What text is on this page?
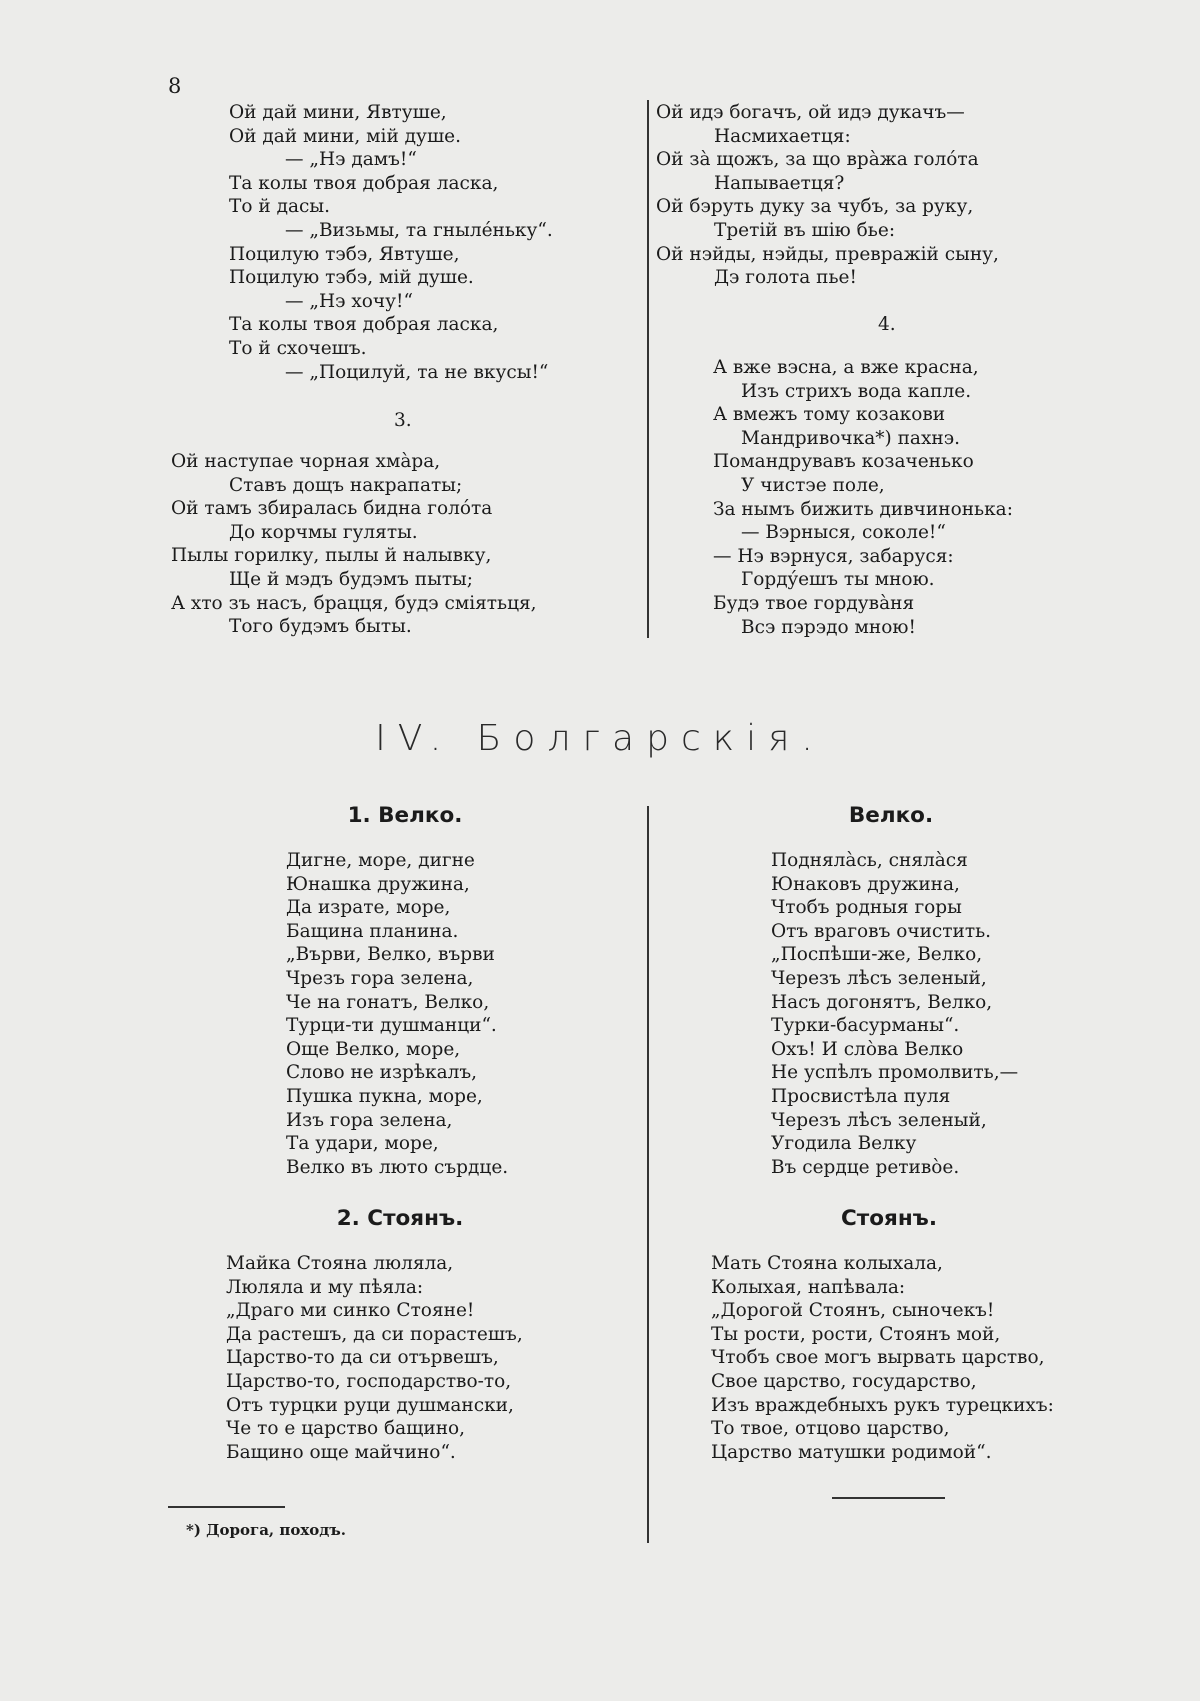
8
Ой дай мини, Явтуше,
Ой дай мини, мій душе.
— „Нэ дамъ!“
Та колы твоя добрая ласка,
То й дасы.
— „Визьмы, та гнылéньку“.
Поцилую тэбэ, Явтуше,
Поцилую тэбэ, мій душе.
— „Нэ хочу!“
Та колы твоя добрая ласка,
То й схочешъ.
— „Поцилуй, та не вкусы!“
3.
Ой наступае чорная хмàра,
Ставъ дощъ накрапаты;
Ой тамъ збиралась бидна голóта
До корчмы гуляты.
Пылы горилку, пылы й налывку,
Ще й мэдъ будэмъ пыты;
А хто зъ насъ, брацця, будэ сміятьця,
Того будэмъ быты.
Ой идэ богачъ, ой идэ дукачъ—
Насмихаетця:
Ой зà щожъ, за що врàжа голóта
Напываетця?
Ой бэруть дуку за чубъ, за руку,
Третій въ шію бье:
Ой нэйды, нэйды, превражій сыну,
Дэ голота пье!
4.
А вже вэсна, а вже красна,
Изъ стрихъ вода капле.
А вмежъ тому козакови
Мандривочка*) пахнэ.
Помандрувавъ козаченько
У чистэе поле,
За нымъ бижить дивчинонька:
— Вэрныся, соколе!“
— Нэ вэрнуся, забаруся:
Гордýешъ ты мною.
Будэ твое гордувàня
Всэ пэрэдо мною!
IV. Болгарскія.
1. Велко.	Велко.
Дигне, море, дигне
Юнашка дружина,
Да израте, море,
Бащина планина.
„Върви, Велко, върви
Чрезъ гора зелена,
Че на гонатъ, Велко,
Турци-ти душманци“.
Още Велко, море,
Слово не изрѣкалъ,
Пушка пукна, море,
Изъ гора зелена,
Та удари, море,
Велко въ люто сърдце.
Поднялàсь, снялàся
Юнаковъ дружина,
Чтобъ родныя горы
Отъ враговъ очистить.
„Поспѣши-же, Велко,
Черезъ лѣсъ зеленый,
Насъ догонятъ, Велко,
Турки-басурманы“.
Охъ! И слòва Велко
Не успѣлъ промолвить,—
Просвистѣла пуля
Черезъ лѣсъ зеленый,
Угодила Велку
Въ сердце ретивòе.
2. Стоянъ.	Стоянъ.
Майка Стояна люляла,
Люляла и му пѣяла:
„Драго ми синко Стояне!
Да растешъ, да си порастешъ,
Царство-то да си отървешъ,
Царство-то, господарство-то,
Отъ турцки руци душмански,
Че то е царство бащино,
Бащино още майчино“.
Мать Стояна колыхала,
Колыхая, напѣвала:
„Дорогой Стоянъ, сыночекъ!
Ты рости, рости, Стоянъ мой,
Чтобъ свое могъ вырвать царство,
Свое царство, государство,
Изъ враждебныхъ рукъ турецкихъ:
То твое, отцово царство,
Царство матушки родимой“.
*) Дорога, походъ.
